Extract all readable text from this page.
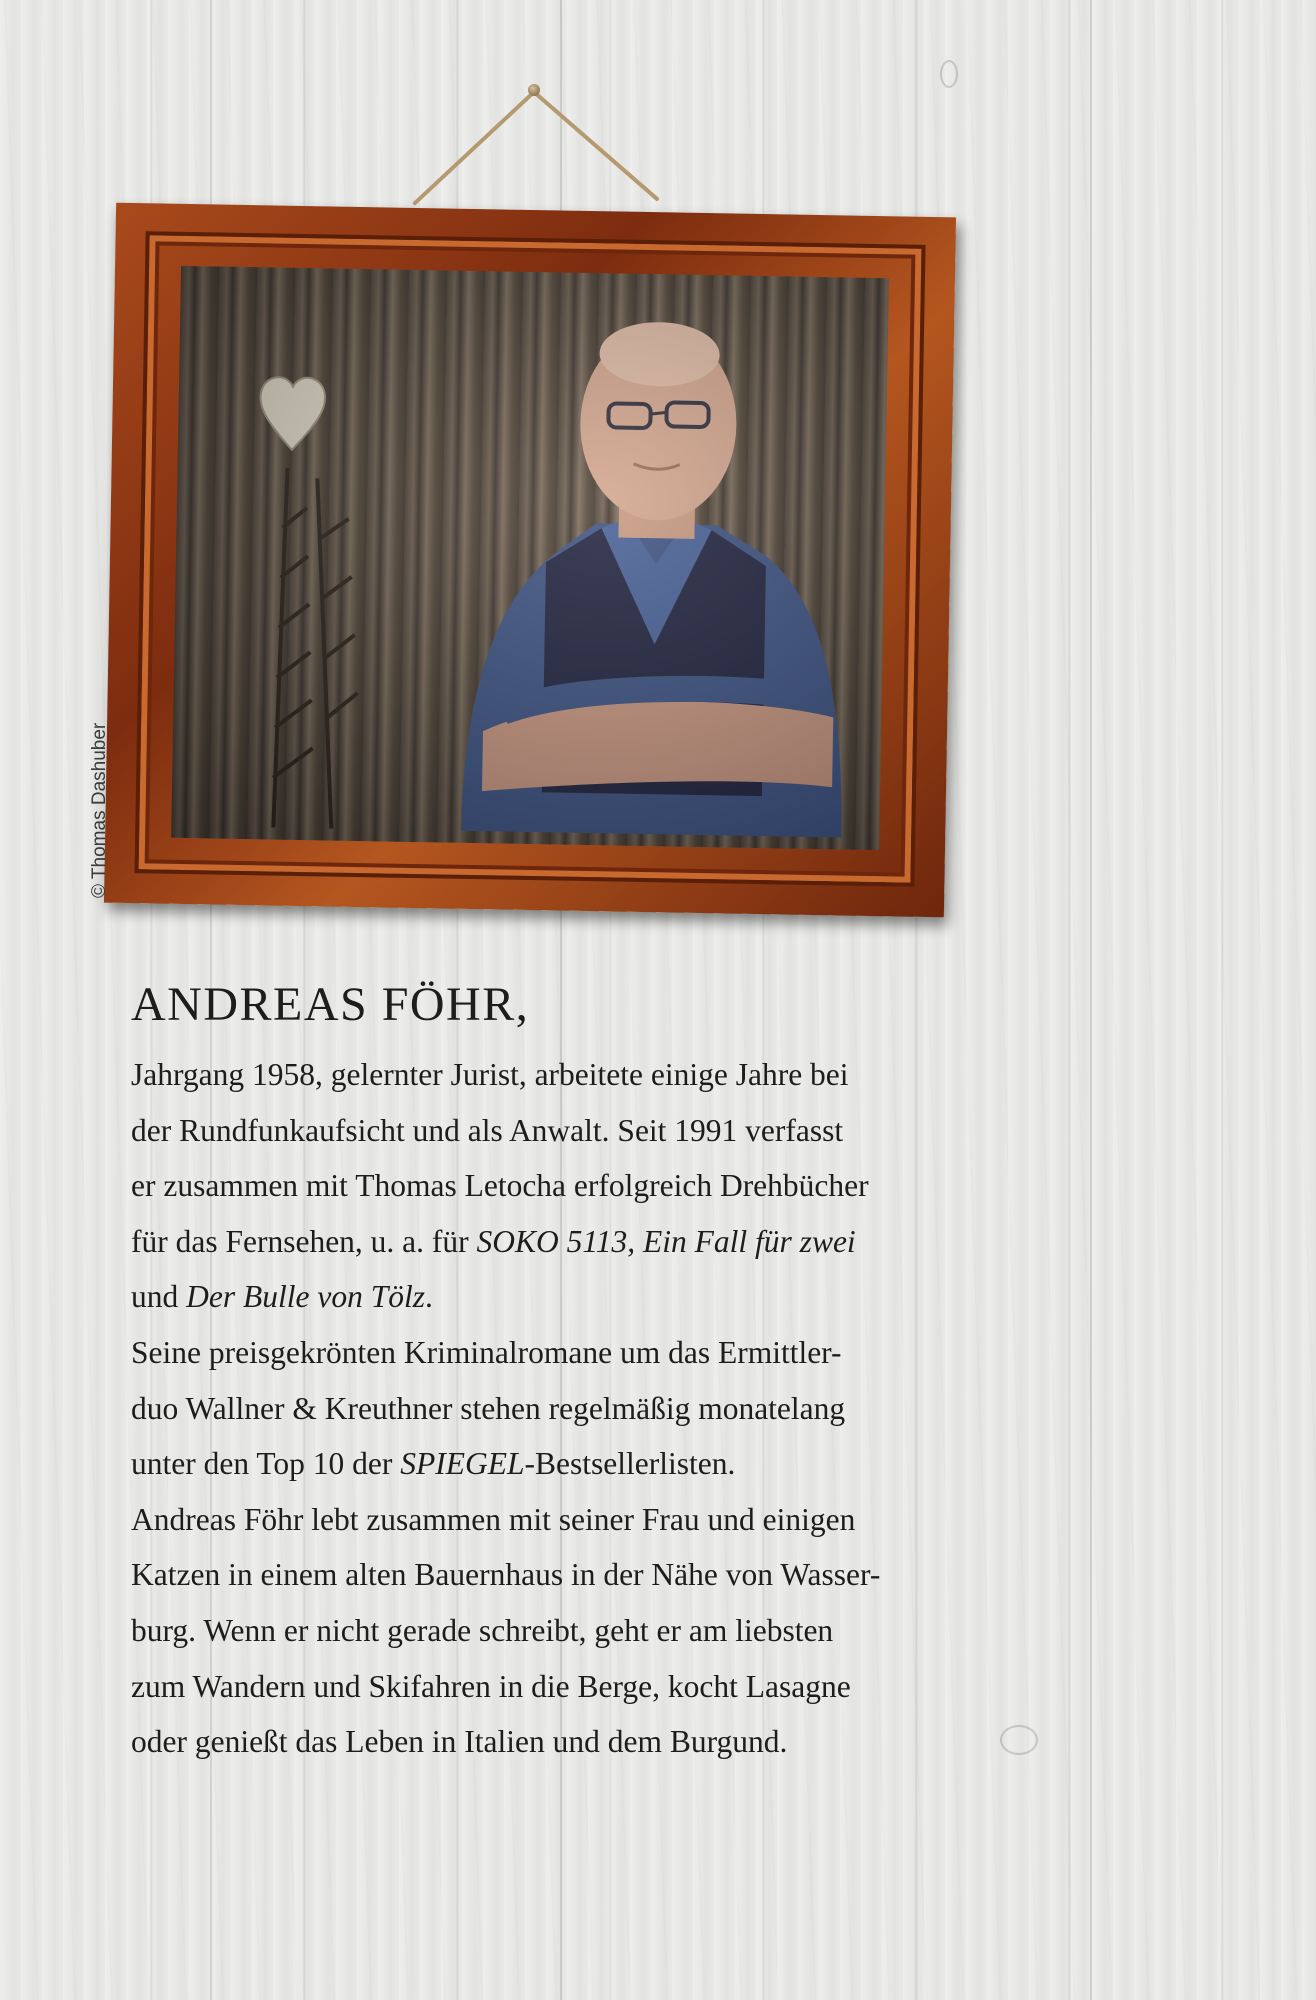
© Thomas Dashuber
ANDREAS FÖHR,

Jahrgang 1958, gelernter Jurist, arbeitete einige Jahre bei

der Rundfunkaufsicht und als Anwalt. Seit 1991 verfasst

er zusammen mit Thomas Letocha erfolgreich Drehbücher

für das Fernsehen, u. a. für SOKO 5113, Ein Fall für zwei

und Der Bulle von Tölz.

Seine preisgekrönten Kriminalromane um das Ermittler-

duo Wallner & Kreuthner stehen regelmäßig monatelang

unter den Top 10 der SPIEGEL-Bestsellerlisten.

Andreas Föhr lebt zusammen mit seiner Frau und einigen

Katzen in einem alten Bauernhaus in der Nähe von Wasser-

burg. Wenn er nicht gerade schreibt, geht er am liebsten

zum Wandern und Skifahren in die Berge, kocht Lasagne

oder genießt das Leben in Italien und dem Burgund.
